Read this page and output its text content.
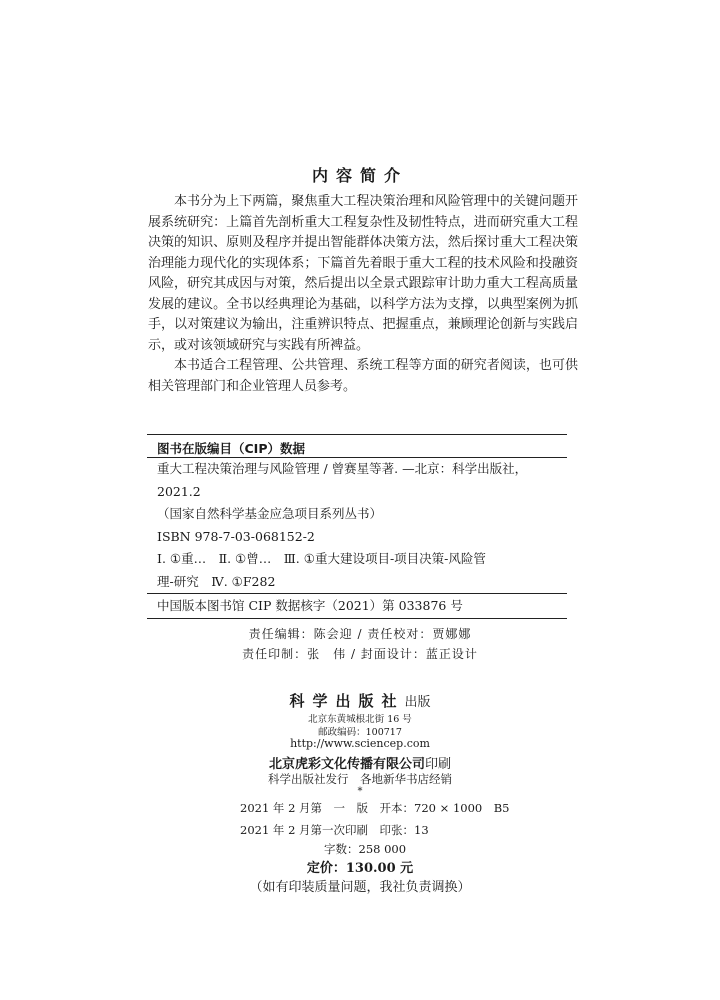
内容简介

本书分为上下两篇，聚焦重大工程决策治理和风险管理中的关键问题开展系统研究：上篇首先剖析重大工程复杂性及韧性特点，进而研究重大工程决策的知识、原则及程序并提出智能群体决策方法，然后探讨重大工程决策治理能力现代化的实现体系；下篇首先着眼于重大工程的技术风险和投融资风险，研究其成因与对策，然后提出以全景式跟踪审计助力重大工程高质量发展的建议。全书以经典理论为基础，以科学方法为支撑，以典型案例为抓手，以对策建议为输出，注重辨识特点、把握重点，兼顾理论创新与实践启示，或对该领域研究与实践有所裨益。

本书适合工程管理、公共管理、系统工程等方面的研究者阅读，也可供相关管理部门和企业管理人员参考。

图书在版编目（CIP）数据
重大工程决策治理与风险管理 / 曾赛星等著. —北京：科学出版社，
2021.2
（国家自然科学基金应急项目系列丛书）
ISBN 978-7-03-068152-2
Ⅰ. ①重…　Ⅱ. ①曾…　Ⅲ. ①重大建设项目-项目决策-风险管
理-研究　Ⅳ. ①F282
中国版本图书馆 CIP 数据核字（2021）第 033876 号
责任编辑：陈会迎 / 责任校对：贾娜娜
责任印制：张　伟 / 封面设计：蓝正设计
科学出版社出版
北京东黄城根北街 16 号
邮政编码：100717
http://www.sciencep.com
北京虎彩文化传播有限公司印刷
科学出版社发行　各地新华书店经销
*
2021 年 2 月第　一　版　开本：720 × 1000　B5
2021 年 2 月第一次印刷　印张：13
字数：258 000
定价：130.00 元
（如有印装质量问题，我社负责调换）
